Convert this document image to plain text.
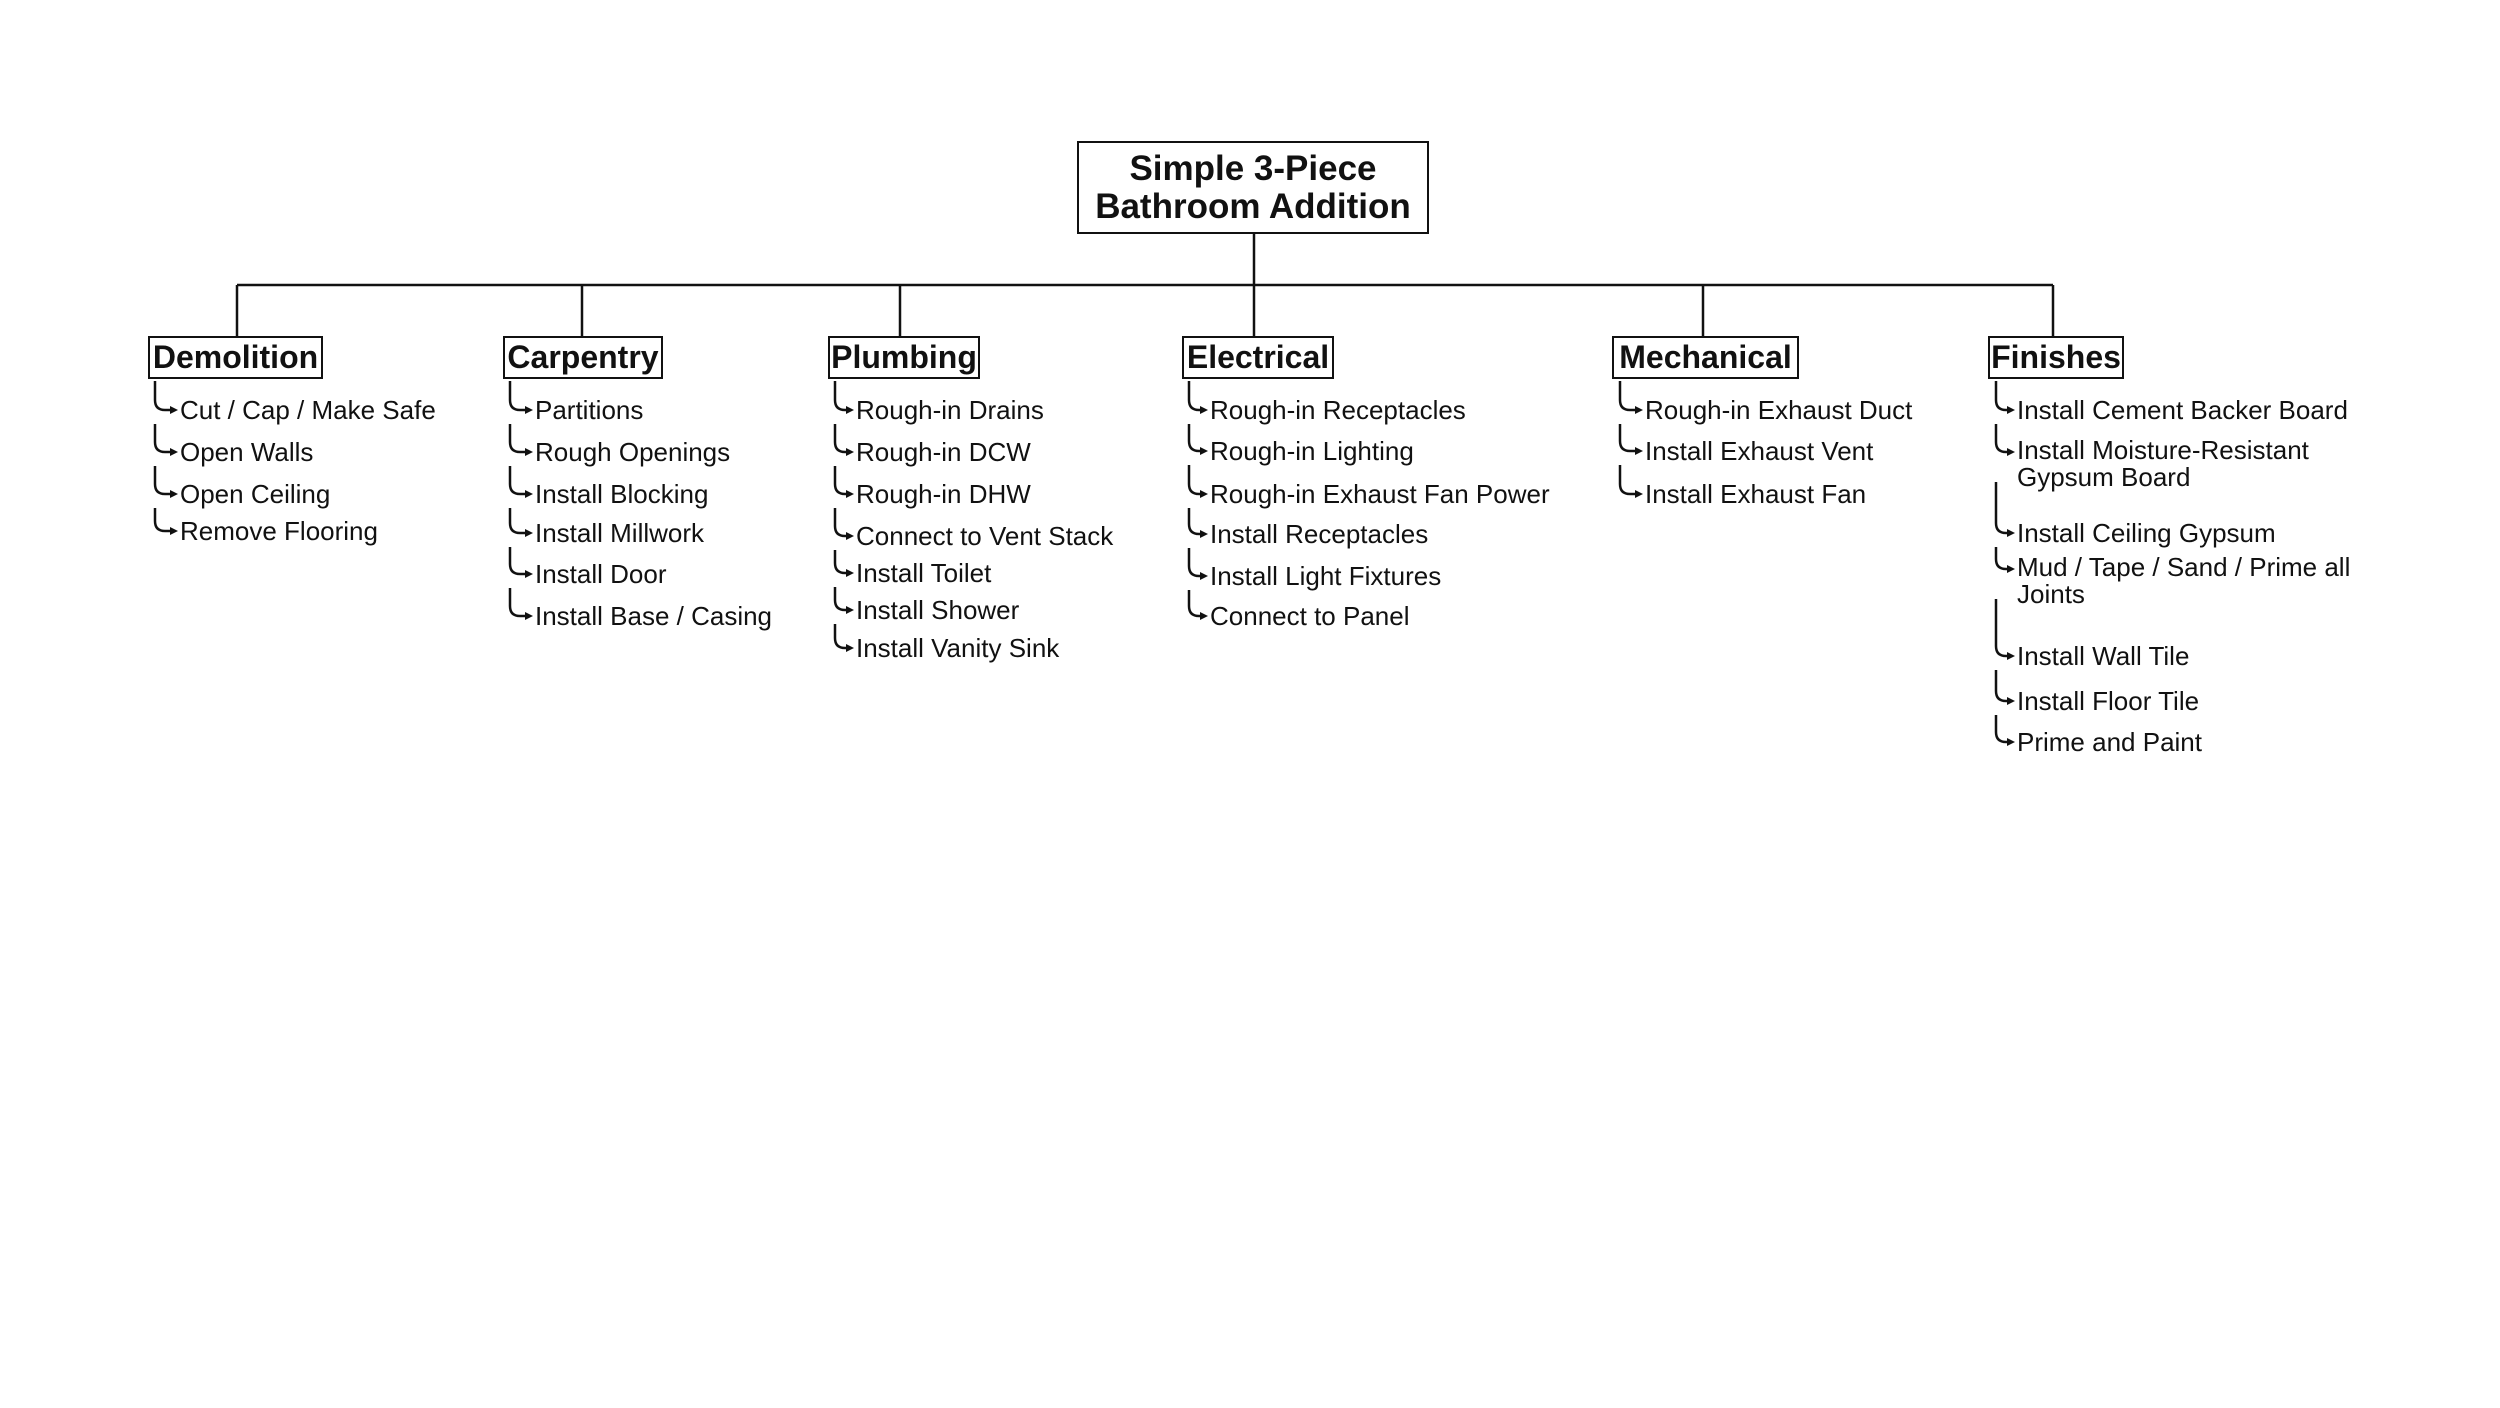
Simple 3-Piece
Bathroom Addition
Demolition
Cut / Cap / Make Safe
Open Walls
Open Ceiling
Remove Flooring
Carpentry
Partitions
Rough Openings
Install Blocking
Install Millwork
Install Door
Install Base / Casing
Plumbing
Rough-in Drains
Rough-in DCW
Rough-in DHW
Connect to Vent Stack
Install Toilet
Install Shower
Install Vanity Sink
Electrical
Rough-in Receptacles
Rough-in Lighting
Rough-in Exhaust Fan Power
Install Receptacles
Install Light Fixtures
Connect to Panel
Mechanical
Rough-in Exhaust Duct
Install Exhaust Vent
Install Exhaust Fan
Finishes
Install Cement Backer Board
Install Moisture-Resistant Gypsum Board
Install Ceiling Gypsum
Mud / Tape / Sand / Prime all Joints
Install Wall Tile
Install Floor Tile
Prime and Paint
